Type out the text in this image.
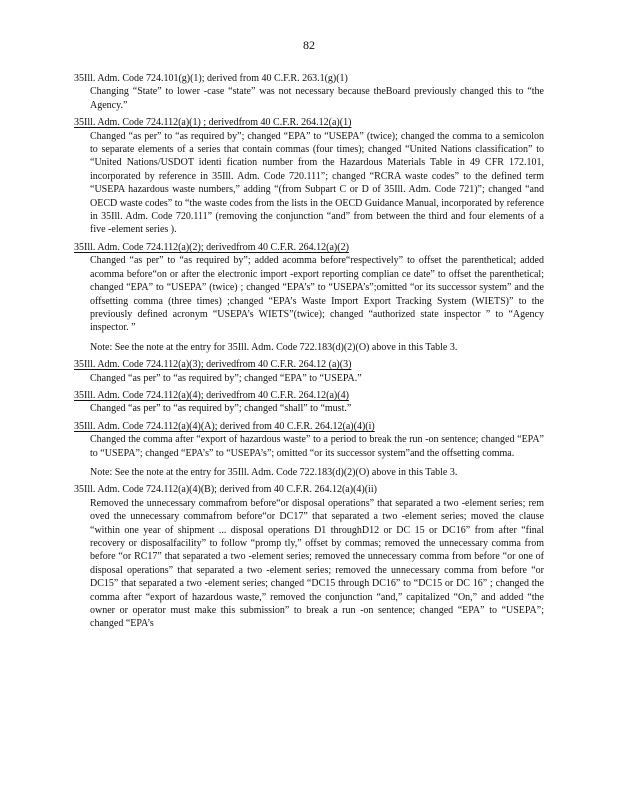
82
35Ill. Adm. Code 724.101(g)(1); derived from 40 C.F.R. 263.1(g)(1)
Changing “State” to lower -case “state” was not necessary because theBoard previously changed this to “the Agency.”
35Ill. Adm. Code 724.112(a)(1) ; derivedfrom 40 C.F.R. 264.12(a)(1)
Changed “as per” to “as required by”; changed “EPA” to “USEPA” (twice); changed the comma to a semicolon to separate elements of a series that contain commas (four times); changed “United Nations classification” to “United Nations/USDOT identi fication number from the Hazardous Materials Table in 49 CFR 172.101, incorporated by reference in 35Ill. Adm. Code 720.111”; changed “RCRA waste codes” to the defined term “USEPA hazardous waste numbers,” adding “(from Subpart C or D of 35Ill. Adm. Code 721)”; changed “and OECD waste codes” to “the waste codes from the lists in the OECD Guidance Manual, incorporated by reference in 35Ill. Adm. Code 720.111” (removing the conjunction “and” from between the third and four elements of a five -element series ).
35Ill. Adm. Code 724.112(a)(2); derivedfrom 40 C.F.R. 264.12(a)(2)
Changed “as per” to “as required by”; added acomma before“respectively” to offset the parenthetical; added acomma before“on or after the electronic import -export reporting complian ce date” to offset the parenthetical; changed “EPA” to “USEPA” (twice) ; changed “EPA’s” to “USEPA’s”;omitted “or its successor system” and the offsetting comma (three times) ;changed “EPA’s Waste Import Export Tracking System (WIETS)” to the previously defined acronym “USEPA’s WIETS”(twice); changed “authorized state inspector ” to “Agency inspector. ”
Note: See the note at the entry for 35Ill. Adm. Code 722.183(d)(2)(O) above in this Table 3.
35Ill. Adm. Code 724.112(a)(3); derivedfrom 40 C.F.R. 264.12 (a)(3)
Changed “as per” to “as required by”; changed “EPA” to “USEPA.”
35Ill. Adm. Code 724.112(a)(4); derivedfrom 40 C.F.R. 264.12(a)(4)
Changed “as per” to “as required by”; changed “shall” to “must.”
35Ill. Adm. Code 724.112(a)(4)(A); derived from 40 C.F.R. 264.12(a)(4)(i)
Changed the comma after “export of hazardous waste” to a period to break the run -on sentence; changed “EPA” to “USEPA”; changed “EPA’s” to “USEPA’s”; omitted “or its successor system”and the offsetting comma.
Note: See the note at the entry for 35Ill. Adm. Code 722.183(d)(2)(O) above in this Table 3.
35Ill. Adm. Code 724.112(a)(4)(B); derived from 40 C.F.R. 264.12(a)(4)(ii)
Removed the unnecessary commafrom before“or disposal operations” that separated a two -element series; rem oved the unnecessary commafrom before“or DC17” that separated a two -element series; moved the clause “within one year of shipment ... disposal operations D1 throughD12 or DC 15 or DC16” from after “final recovery or disposalfacility” to follow “promp tly,” offset by commas; removed the unnecessary comma from before “or RC17” that separated a two -element series; removed the unnecessary comma from before “or one of disposal operations” that separated a two -element series; removed the unnecessary comma from before “or DC15” that separated a two -element series; changed “DC15 through DC16” to “DC15 or DC 16” ; changed the comma after “export of hazardous waste,” removed the conjunction “and,” capitalized “On,” and added “the owner or operator must make this submission” to break a run -on sentence; changed “EPA” to “USEPA”; changed “EPA’s
